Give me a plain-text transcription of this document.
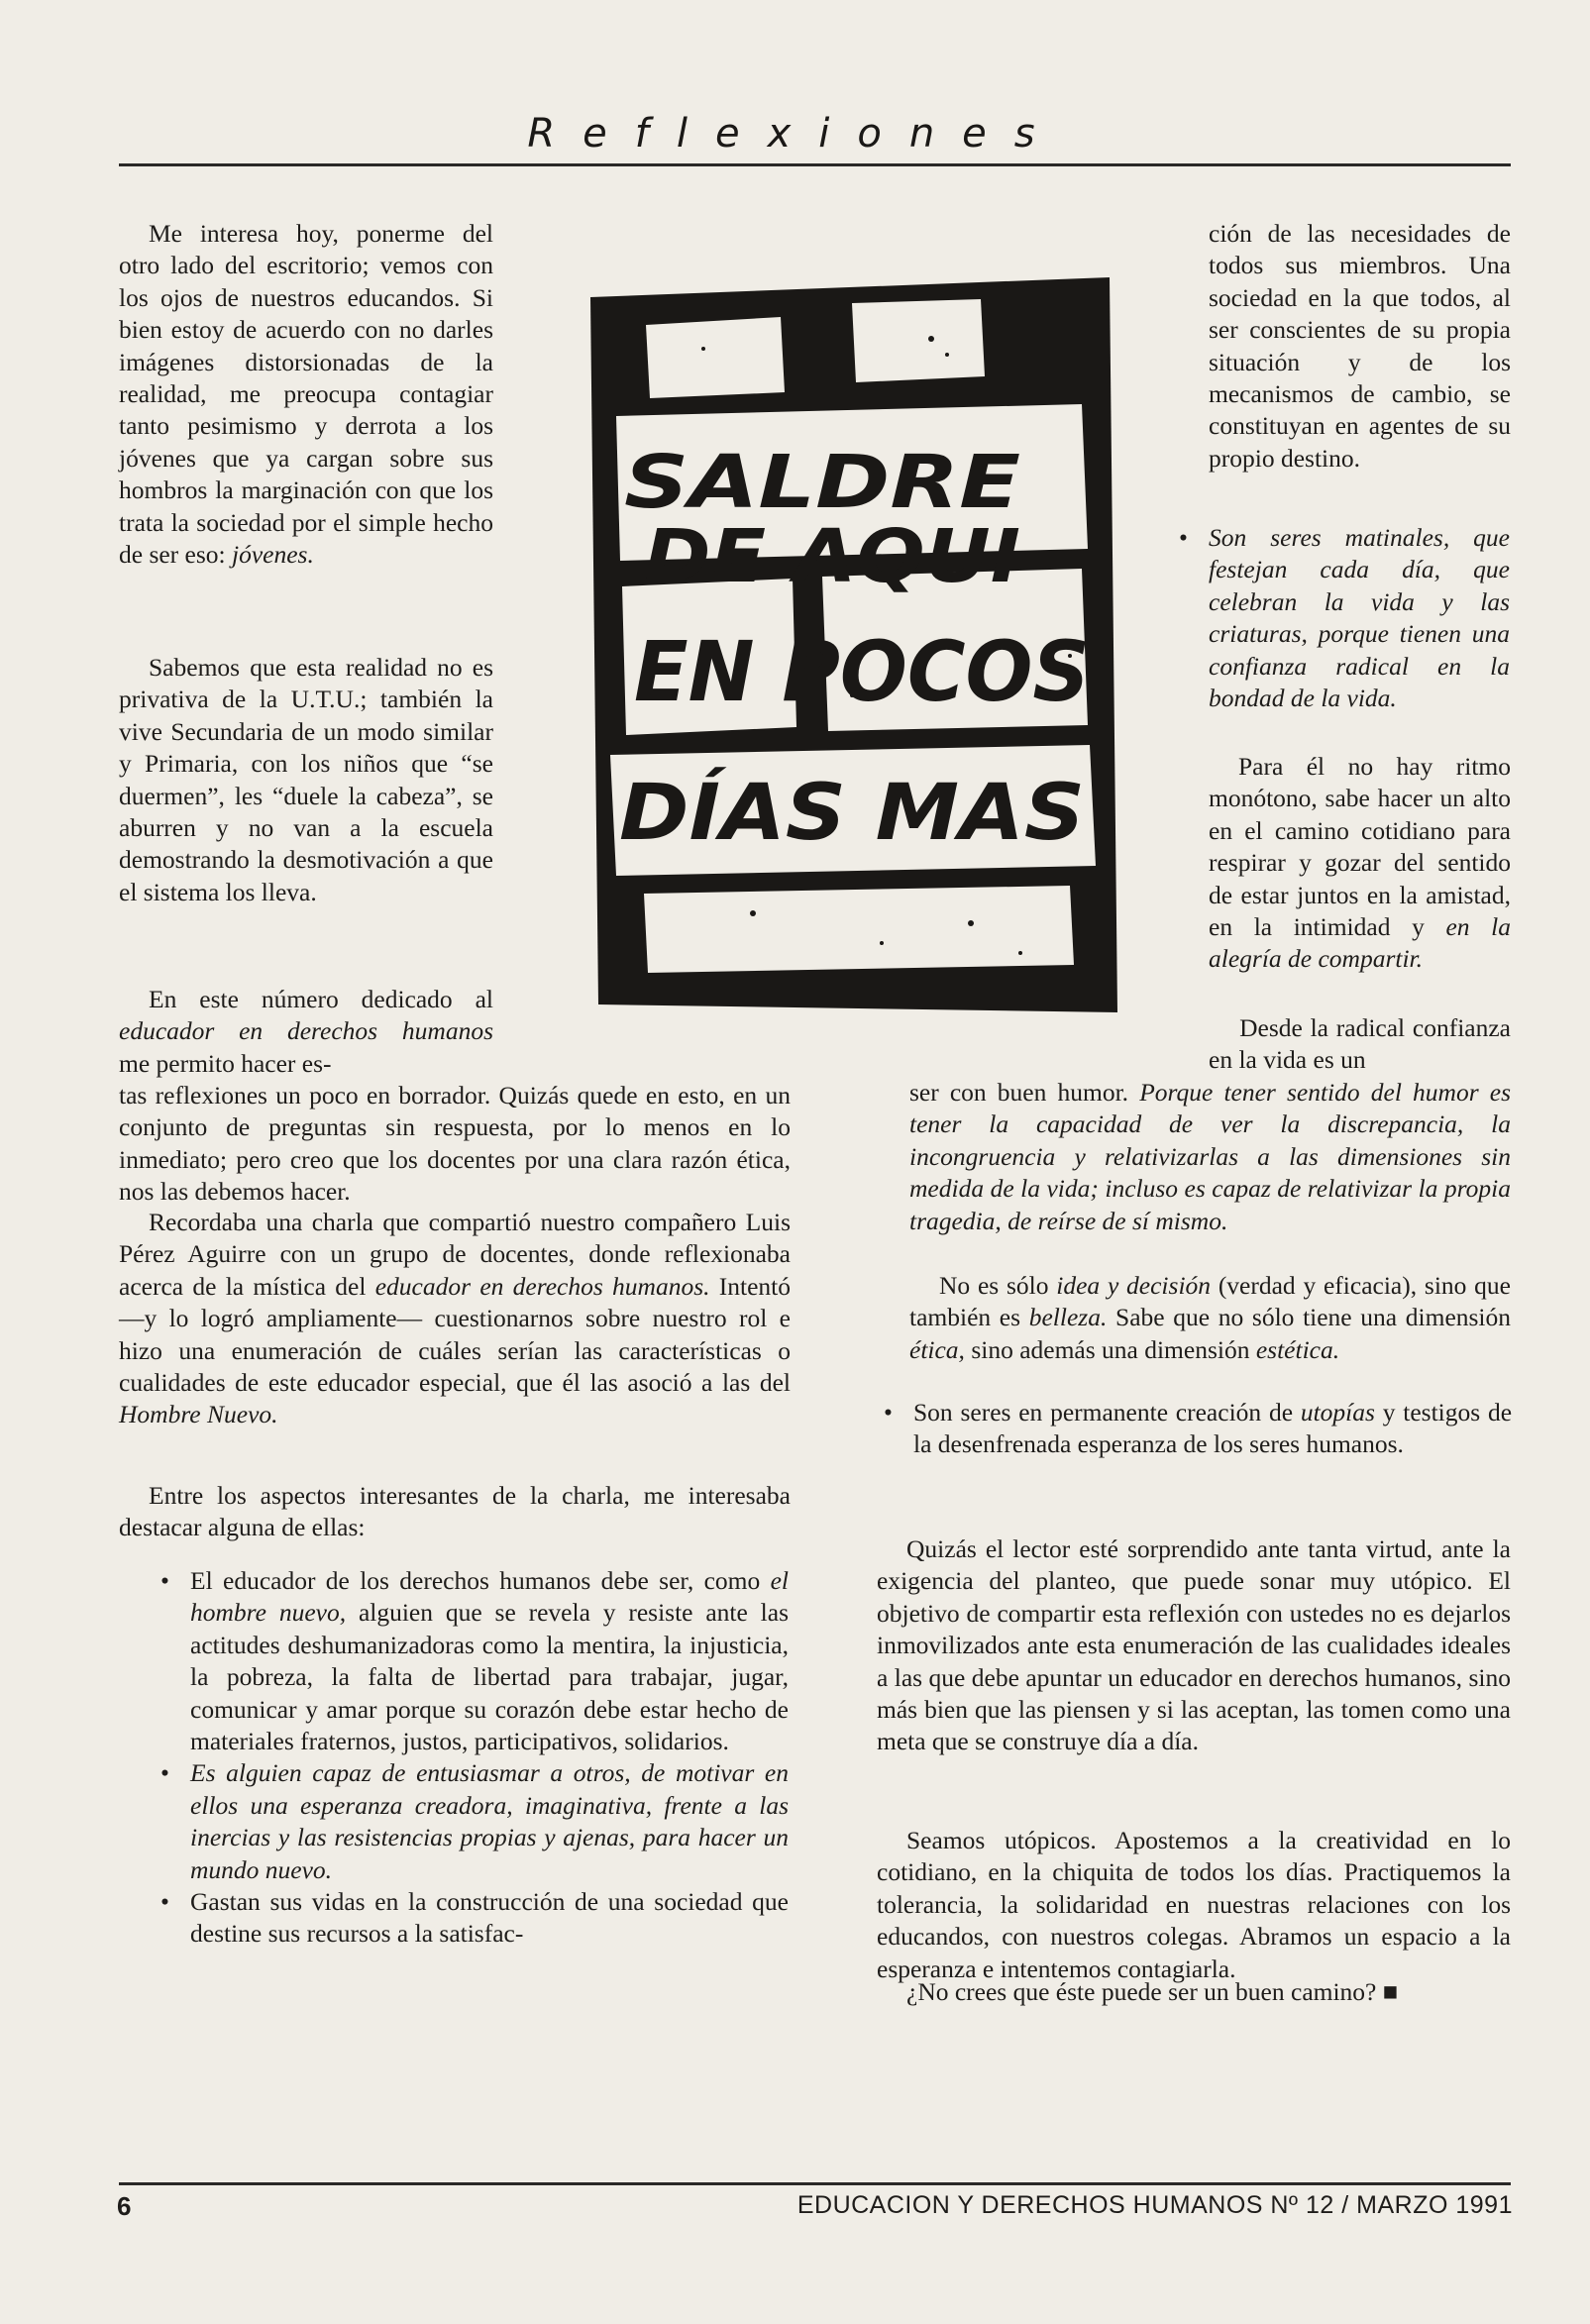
Reflexiones

Me interesa hoy, ponerme del otro lado del escritorio; vemos con los ojos de nuestros educandos. Si bien estoy de acuerdo con no darles imágenes distorsionadas de la realidad, me preocupa contagiar tanto pesimismo y derrota a los jóvenes que ya cargan sobre sus hombros la marginación con que los trata la sociedad por el simple hecho de ser eso: jóvenes.

Sabemos que esta realidad no es privativa de la U.T.U.; también la vive Secundaria de un modo similar y Primaria, con los niños que “se duermen”, les “duele la cabeza”, se aburren y no van a la escuela demostrando la desmotivación a que el sistema los lleva.

En este número dedicado al educador en derechos humanos me permito hacer es-

tas reflexiones un poco en borrador. Quizás quede en esto, en un conjunto de preguntas sin respuesta, por lo menos en lo inmediato; pero creo que los docentes por una clara razón ética, nos las debemos hacer.

Recordaba una charla que compartió nuestro compañero Luis Pérez Aguirre con un grupo de docentes, donde reflexionaba acerca de la mística del educador en derechos humanos. Intentó —y lo logró ampliamente— cuestionarnos sobre nuestro rol e hizo una enumeración de cuáles serían las características o cualidades de este educador especial, que él las asoció a las del Hombre Nuevo.

Entre los aspectos interesantes de la charla, me interesaba destacar alguna de ellas:

• El educador de los derechos humanos debe ser, como el hombre nuevo, alguien que se revela y resiste ante las actitudes deshumanizadoras como la mentira, la injusticia, la pobreza, la falta de libertad para trabajar, jugar, comunicar y amar porque su corazón debe estar hecho de materiales fraternos, justos, participativos, solidarios.
• Es alguien capaz de entusiasmar a otros, de motivar en ellos una esperanza creadora, imaginativa, frente a las inercias y las resistencias propias y ajenas, para hacer un mundo nuevo.
• Gastan sus vidas en la construcción de una sociedad que destine sus recursos a la satisfac-
SALDRE
DE AQUI
EN POCOS
DÍAS MAS

ción de las necesidades de todos sus miembros. Una sociedad en la que todos, al ser conscientes de su propia situación y de los mecanismos de cambio, se constituyan en agentes de su propio destino.

• Son seres matinales, que festejan cada día, que celebran la vida y las criaturas, porque tienen una confianza radical en la bondad de la vida.

Para él no hay ritmo monótono, sabe hacer un alto en el camino cotidiano para respirar y gozar del sentido de estar juntos en la amistad, en la intimidad y en la alegría de compartir.

Desde la radical confianza en la vida es un

ser con buen humor. Porque tener sentido del humor es tener la capacidad de ver la discrepancia, la incongruencia y relativizarlas a las dimensiones sin medida de la vida; incluso es capaz de relativizar la propia tragedia, de reírse de sí mismo.

No es sólo idea y decisión (verdad y eficacia), sino que también es belleza. Sabe que no sólo tiene una dimensión ética, sino además una dimensión estética.

• Son seres en permanente creación de utopías y testigos de la desenfrenada esperanza de los seres humanos.

Quizás el lector esté sorprendido ante tanta virtud, ante la exigencia del planteo, que puede sonar muy utópico. El objetivo de compartir esta reflexión con ustedes no es dejarlos inmovilizados ante esta enumeración de las cualidades ideales a las que debe apuntar un educador en derechos humanos, sino más bien que las piensen y si las aceptan, las tomen como una meta que se construye día a día.

Seamos utópicos. Apostemos a la creatividad en lo cotidiano, en la chiquita de todos los días. Practiquemos la tolerancia, la solidaridad en nuestras relaciones con los educandos, con nuestros colegas. Abramos un espacio a la esperanza e intentemos contagiarla.

¿No crees que éste puede ser un buen camino? ■

6	EDUCACION Y DERECHOS HUMANOS Nº 12 / MARZO 1991
